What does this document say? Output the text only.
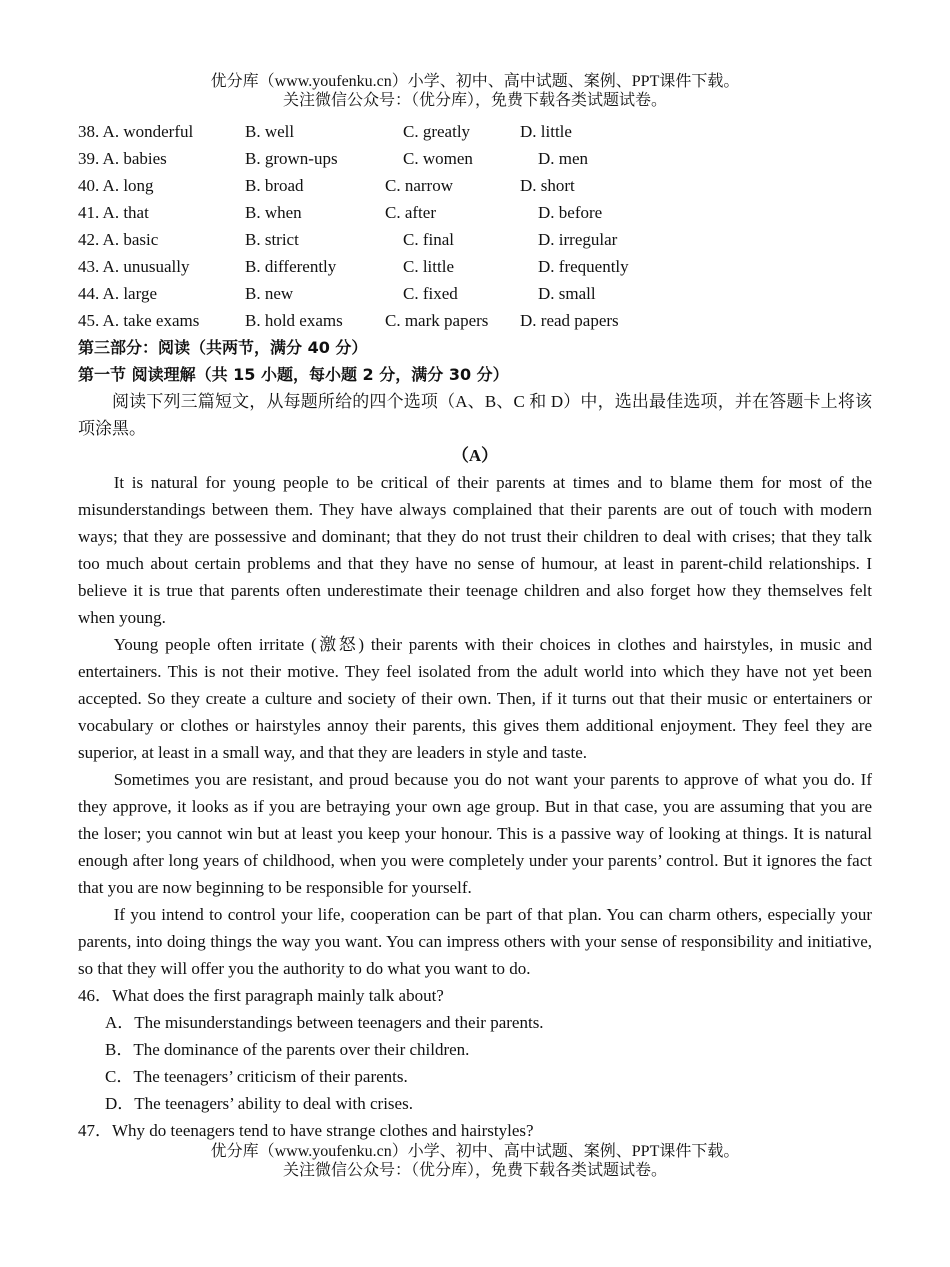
优分库（www.youfenku.cn）小学、初中、高中试题、案例、PPT课件下载。
关注微信公众号：（优分库），免费下载各类试题试卷。
38. A. wonderful	B. well	C. greatly	D. little
39. A. babies	B. grown-ups	C. women	D. men
40. A. long	B. broad	C. narrow	D. short
41. A. that	B. when	C. after	D. before
42. A. basic	B. strict	C. final	D. irregular
43. A. unusually	B. differently	C. little	D. frequently
44. A. large	B. new	C. fixed	D. small
45. A. take exams	B. hold exams C. mark papers D. read papers
第三部分：阅读（共两节，满分 40 分）
第一节 阅读理解（共 15 小题，每小题 2 分，满分 30 分）
阅读下列三篇短文，从每题所给的四个选项（A、B、C 和 D）中，选出最佳选项，并在答题卡上将该项涂黑。
（A）
It is natural for young people to be critical of their parents at times and to blame them for most of the misunderstandings between them. They have always complained that their parents are out of touch with modern ways; that they are possessive and dominant; that they do not trust their children to deal with crises; that they talk too much about certain problems and that they have no sense of humour, at least in parent-child relationships. I believe it is true that parents often underestimate their teenage children and also forget how they themselves felt when young.
Young people often irritate (激怒) their parents with their choices in clothes and hairstyles, in music and entertainers. This is not their motive. They feel isolated from the adult world into which they have not yet been accepted. So they create a culture and society of their own. Then, if it turns out that their music or entertainers or vocabulary or clothes or hairstyles annoy their parents, this gives them additional enjoyment. They feel they are superior, at least in a small way, and that they are leaders in style and taste.
Sometimes you are resistant, and proud because you do not want your parents to approve of what you do. If they approve, it looks as if you are betraying your own age group. But in that case, you are assuming that you are the loser; you cannot win but at least you keep your honour. This is a passive way of looking at things. It is natural enough after long years of childhood, when you were completely under your parents’ control. But it ignores the fact that you are now beginning to be responsible for yourself.
If you intend to control your life, cooperation can be part of that plan. You can charm others, especially your parents, into doing things the way you want. You can impress others with your sense of responsibility and initiative, so that they will offer you the authority to do what you want to do.
46．What does the first paragraph mainly talk about?
A．The misunderstandings between teenagers and their parents.
B．The dominance of the parents over their children.
C．The teenagers’ criticism of their parents.
D．The teenagers’ ability to deal with crises.
47．Why do teenagers tend to have strange clothes and hairstyles?
优分库（www.youfenku.cn）小学、初中、高中试题、案例、PPT课件下载。
关注微信公众号：（优分库），免费下载各类试题试卷。
